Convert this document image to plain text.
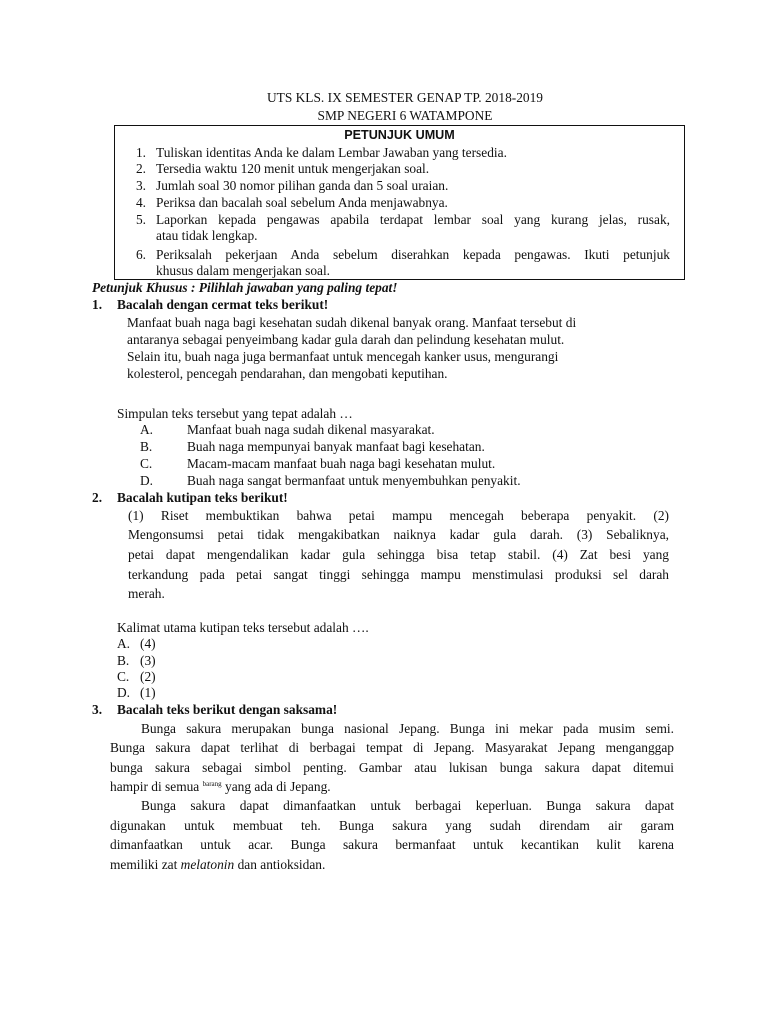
UTS KLS. IX SEMESTER GENAP TP. 2018-2019
SMP NEGERI 6 WATAMPONE
PETUNJUK UMUM
1. Tuliskan identitas Anda ke dalam Lembar Jawaban yang tersedia.
2. Tersedia waktu 120 menit untuk mengerjakan soal.
3. Jumlah soal 30 nomor pilihan ganda dan 5 soal uraian.
4. Periksa dan bacalah soal sebelum Anda menjawabnya.
5. Laporkan kepada pengawas apabila terdapat lembar soal yang kurang jelas, rusak,
atau tidak lengkap.
6. Periksalah pekerjaan Anda sebelum diserahkan kepada pengawas. Ikuti petunjuk
khusus dalam mengerjakan soal.
Petunjuk Khusus : Pilihlah jawaban yang paling tepat!
1. Bacalah dengan cermat teks berikut!
Manfaat buah naga bagi kesehatan sudah dikenal banyak orang. Manfaat tersebut di
antaranya sebagai penyeimbang kadar gula darah dan pelindung kesehatan mulut.
Selain itu, buah naga juga bermanfaat untuk mencegah kanker usus, mengurangi
kolesterol, pencegah pendarahan, dan mengobati keputihan.
Simpulan teks tersebut yang tepat adalah …
A.	Manfaat buah naga sudah dikenal masyarakat.
B.	Buah naga mempunyai banyak manfaat bagi kesehatan.
C.	Macam-macam manfaat buah naga bagi kesehatan mulut.
D.	Buah naga sangat bermanfaat untuk menyembuhkan penyakit.
2. Bacalah kutipan teks berikut!
(1) Riset membuktikan bahwa petai mampu mencegah beberapa penyakit. (2)
Mengonsumsi petai tidak mengakibatkan naiknya kadar gula darah. (3) Sebaliknya,
petai dapat mengendalikan kadar gula sehingga bisa tetap stabil. (4) Zat besi yang
terkandung pada petai sangat tinggi sehingga mampu menstimulasi produksi sel darah
merah.
Kalimat utama kutipan teks tersebut adalah ….
A. (4)
B. (3)
C. (2)
D. (1)
3. Bacalah teks berikut dengan saksama!
Bunga sakura merupakan bunga nasional Jepang. Bunga ini mekar pada musim semi.
Bunga sakura dapat terlihat di berbagai tempat di Jepang. Masyarakat Jepang menganggap
bunga sakura sebagai simbol penting. Gambar atau lukisan bunga sakura dapat ditemui
hampir di semua $^{barang}$ yang ada di Jepang.
Bunga sakura dapat dimanfaatkan untuk berbagai keperluan. Bunga sakura dapat
digunakan untuk membuat teh. Bunga sakura yang sudah direndam air garam
dimanfaatkan untuk acar. Bunga sakura bermanfaat untuk kecantikan kulit karena
memiliki zat melatonin dan antioksidan.
